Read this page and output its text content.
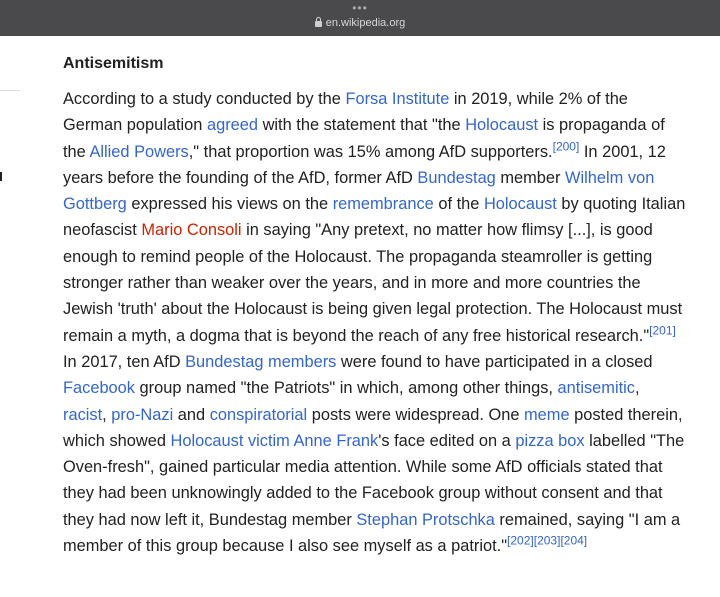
•••
en.wikipedia.org
Antisemitism
According to a study conducted by the Forsa Institute in 2019, while 2% of the German population agreed with the statement that "the Holocaust is propaganda of the Allied Powers," that proportion was 15% among AfD supporters.[200] In 2001, 12 years before the founding of the AfD, former AfD Bundestag member Wilhelm von Gottberg expressed his views on the remembrance of the Holocaust by quoting Italian neofascist Mario Consoli in saying "Any pretext, no matter how flimsy [...], is good enough to remind people of the Holocaust. The propaganda steamroller is getting stronger rather than weaker over the years, and in more and more countries the Jewish 'truth' about the Holocaust is being given legal protection. The Holocaust must remain a myth, a dogma that is beyond the reach of any free historical research."[201] In 2017, ten AfD Bundestag members were found to have participated in a closed Facebook group named "the Patriots" in which, among other things, antisemitic, racist, pro-Nazi and conspiratorial posts were widespread. One meme posted therein, which showed Holocaust victim Anne Frank's face edited on a pizza box labelled "The Oven-fresh", gained particular media attention. While some AfD officials stated that they had been unknowingly added to the Facebook group without consent and that they had now left it, Bundestag member Stephan Protschka remained, saying "I am a member of this group because I also see myself as a patriot."[202][203][204]
